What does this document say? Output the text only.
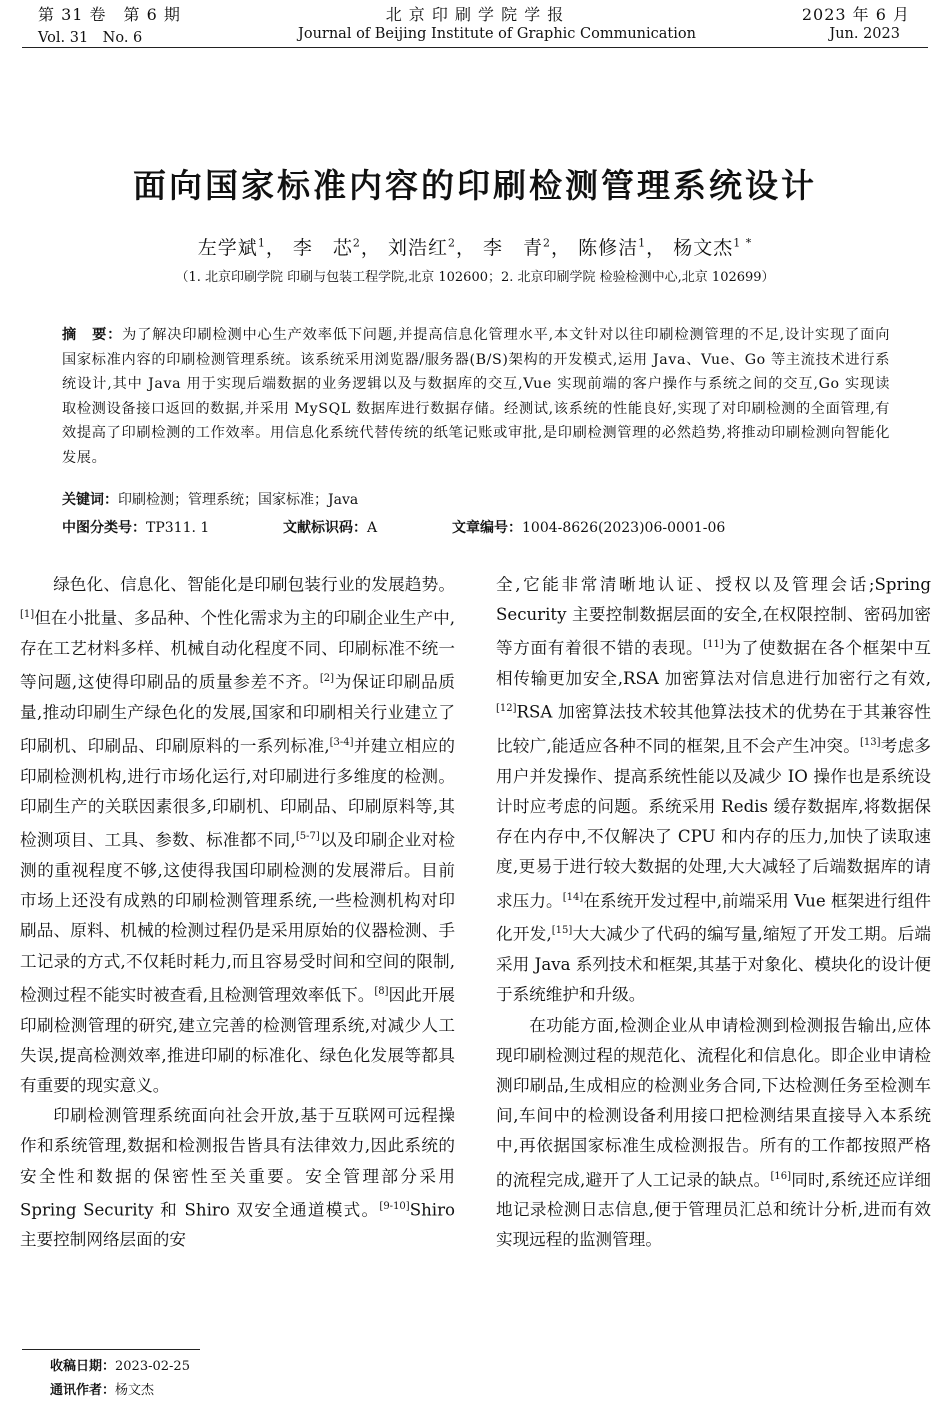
第 31 卷　第 6 期	北 京 印 刷 学 院 学 报	2023 年 6 月
Vol. 31　No. 6	Journal of Beijing Institute of Graphic Communication	Jun. 2023
面向国家标准内容的印刷检测管理系统设计
左学斌$^1$， 李　芯$^2$， 刘浩红$^2$， 李　青$^2$， 陈修洁$^1$， 杨文杰$^{1 *}$
（1. 北京印刷学院 印刷与包装工程学院,北京 102600；2. 北京印刷学院 检验检测中心,北京 102699）
摘　要：为了解决印刷检测中心生产效率低下问题,并提高信息化管理水平,本文针对以往印刷检测管理的不足,设计实现了面向国家标准内容的印刷检测管理系统。该系统采用浏览器/服务器(B/S)架构的开发模式,运用 Java、Vue、Go 等主流技术进行系统设计,其中 Java 用于实现后端数据的业务逻辑以及与数据库的交互,Vue 实现前端的客户操作与系统之间的交互,Go 实现读取检测设备接口返回的数据,并采用 MySQL 数据库进行数据存储。经测试,该系统的性能良好,实现了对印刷检测的全面管理,有效提高了印刷检测的工作效率。用信息化系统代替传统的纸笔记账或审批,是印刷检测管理的必然趋势,将推动印刷检测向智能化发展。
关键词：印刷检测；管理系统；国家标准；Java
中图分类号：TP311. 1	文献标识码：A	文章编号：1004-8626(2023)06-0001-06

绿色化、信息化、智能化是印刷包装行业的发展趋势。[1]但在小批量、多品种、个性化需求为主的印刷企业生产中,存在工艺材料多样、机械自动化程度不同、印刷标准不统一等问题,这使得印刷品的质量参差不齐。[2]为保证印刷品质量,推动印刷生产绿色化的发展,国家和印刷相关行业建立了印刷机、印刷品、印刷原料的一系列标准,[3-4]并建立相应的印刷检测机构,进行市场化运行,对印刷进行多维度的检测。印刷生产的关联因素很多,印刷机、印刷品、印刷原料等,其检测项目、工具、参数、标准都不同,[5-7]以及印刷企业对检测的重视程度不够,这使得我国印刷检测的发展滞后。目前市场上还没有成熟的印刷检测管理系统,一些检测机构对印刷品、原料、机械的检测过程仍是采用原始的仪器检测、手工记录的方式,不仅耗时耗力,而且容易受时间和空间的限制,检测过程不能实时被查看,且检测管理效率低下。[8]因此开展印刷检测管理的研究,建立完善的检测管理系统,对减少人工失误,提高检测效率,推进印刷的标准化、绿色化发展等都具有重要的现实意义。

印刷检测管理系统面向社会开放,基于互联网可远程操作和系统管理,数据和检测报告皆具有法律效力,因此系统的安全性和数据的保密性至关重要。安全管理部分采用 Spring Security 和 Shiro 双安全通道模式。[9-10]Shiro 主要控制网络层面的安

全,它能非常清晰地认证、授权以及管理会话;Spring Security 主要控制数据层面的安全,在权限控制、密码加密等方面有着很不错的表现。[11]为了使数据在各个框架中互相传输更加安全,RSA 加密算法对信息进行加密行之有效,[12]RSA 加密算法技术较其他算法技术的优势在于其兼容性比较广,能适应各种不同的框架,且不会产生冲突。[13]考虑多用户并发操作、提高系统性能以及减少 IO 操作也是系统设计时应考虑的问题。系统采用 Redis 缓存数据库,将数据保存在内存中,不仅解决了 CPU 和内存的压力,加快了读取速度,更易于进行较大数据的处理,大大减轻了后端数据库的请求压力。[14]在系统开发过程中,前端采用 Vue 框架进行组件化开发,[15]大大减少了代码的编写量,缩短了开发工期。后端采用 Java 系列技术和框架,其基于对象化、模块化的设计便于系统维护和升级。

在功能方面,检测企业从申请检测到检测报告输出,应体现印刷检测过程的规范化、流程化和信息化。即企业申请检测印刷品,生成相应的检测业务合同,下达检测任务至检测车间,车间中的检测设备利用接口把检测结果直接导入本系统中,再依据国家标准生成检测报告。所有的工作都按照严格的流程完成,避开了人工记录的缺点。[16]同时,系统还应详细地记录检测日志信息,便于管理员汇总和统计分析,进而有效实现远程的监测管理。

收稿日期：2023-02-25
通讯作者：杨文杰
